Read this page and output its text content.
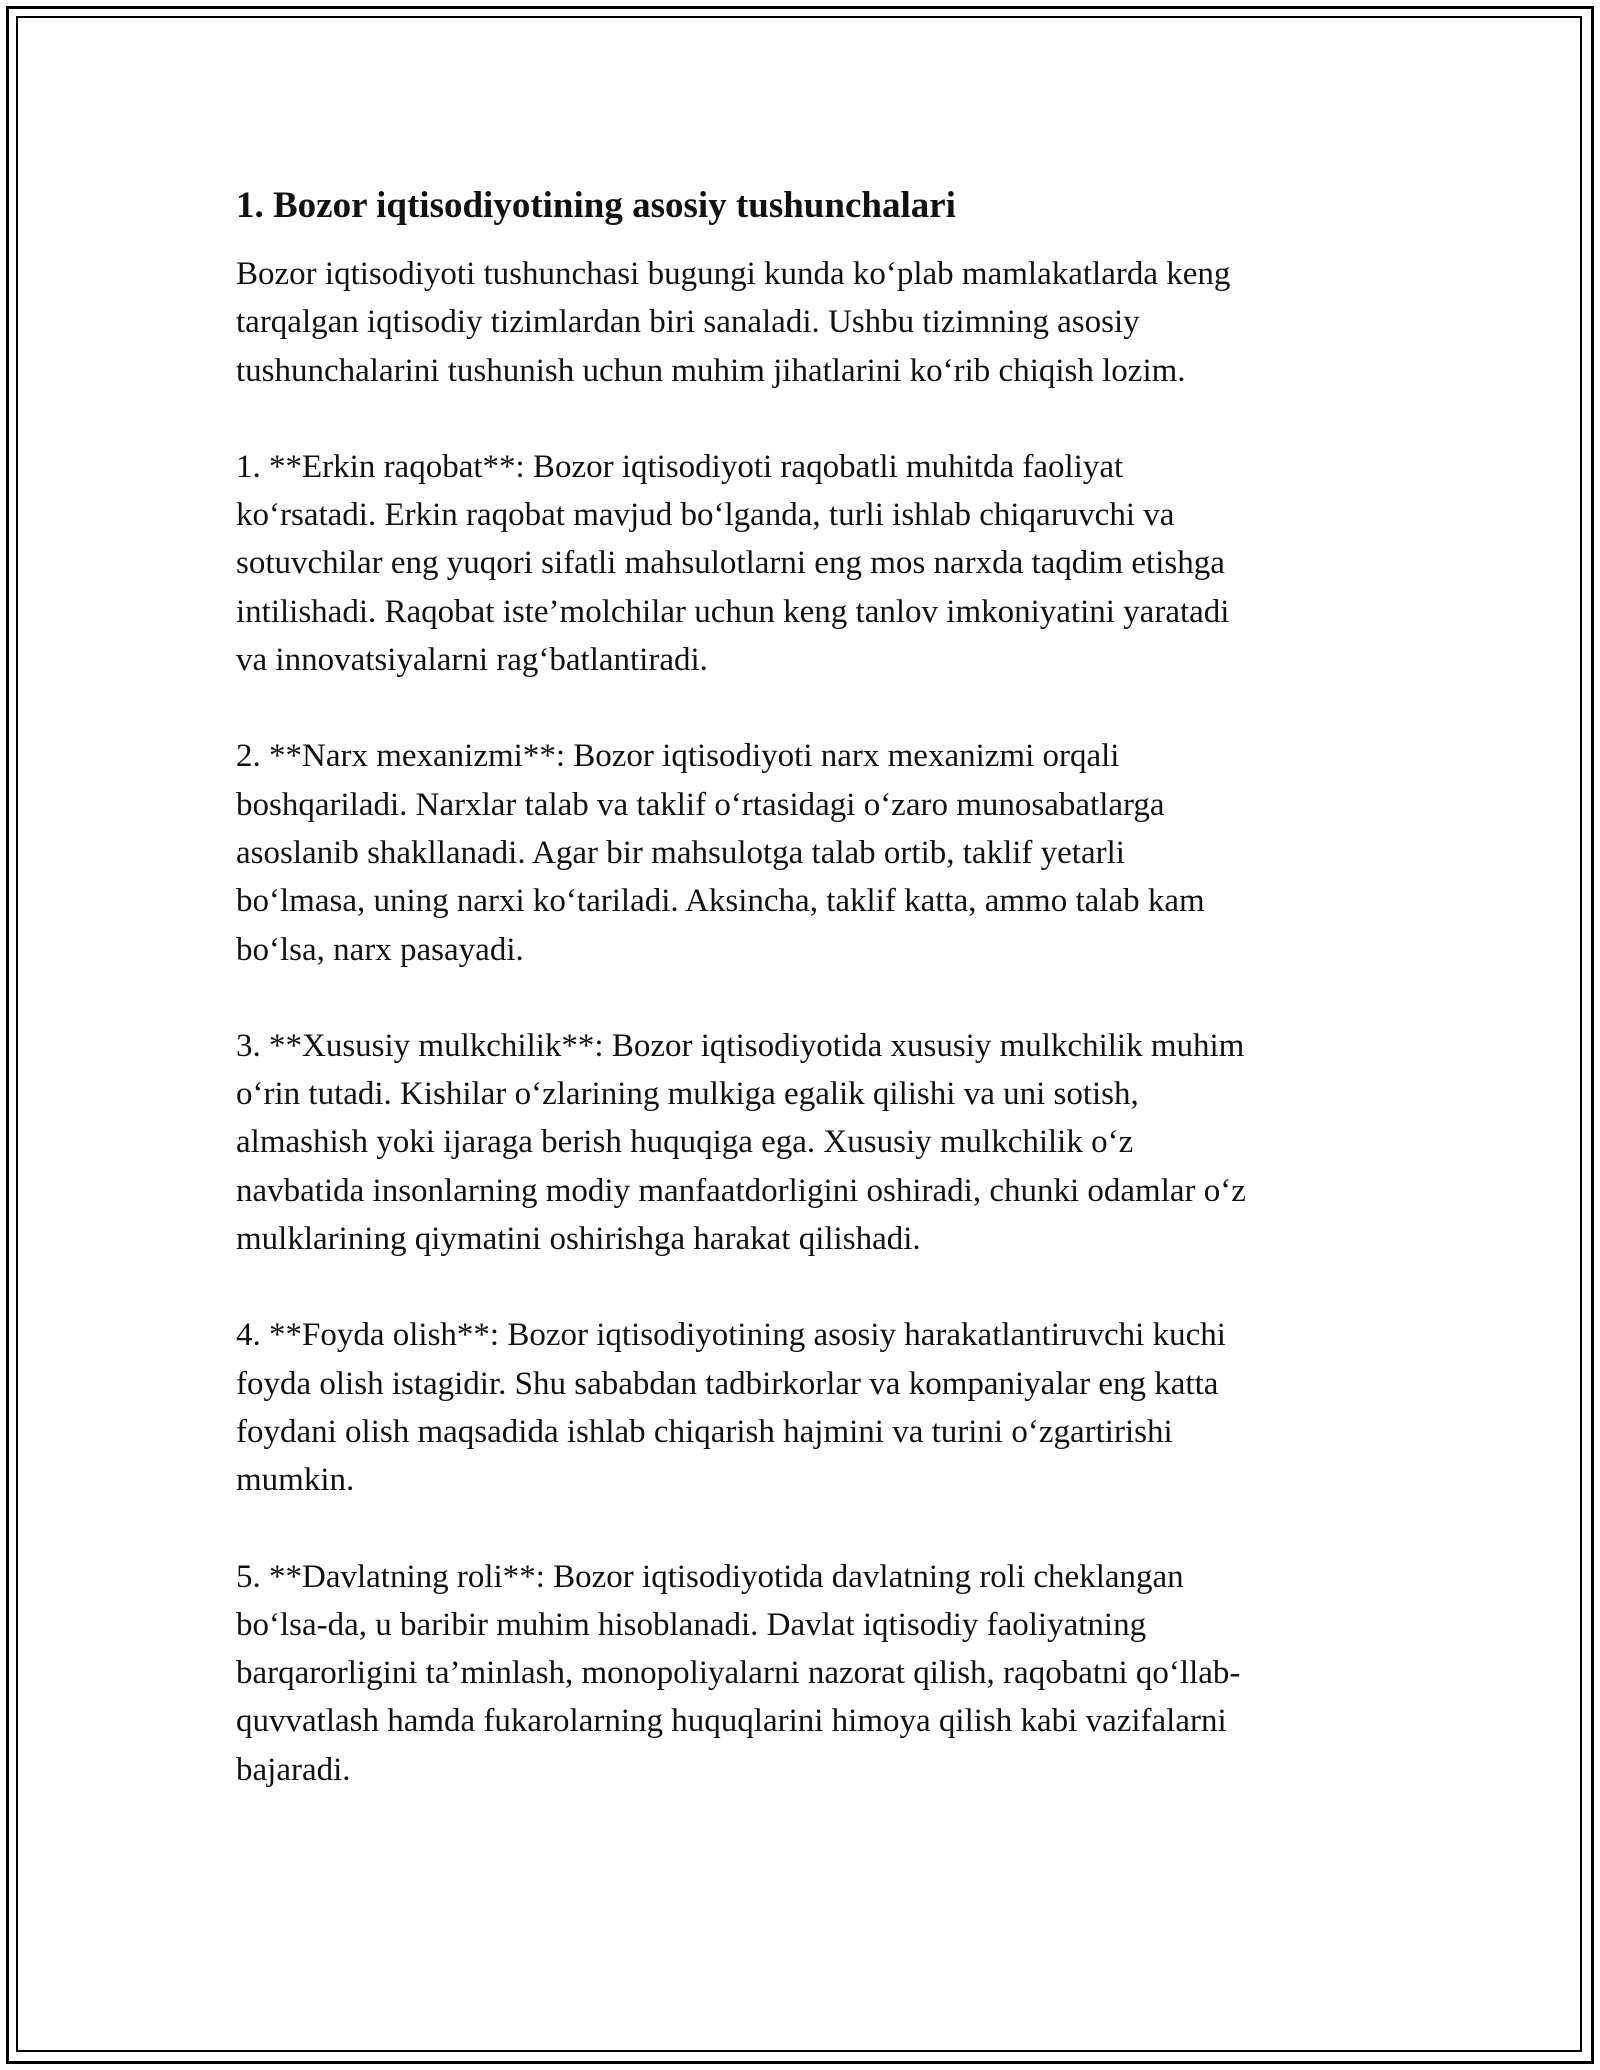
1. Bozor iqtisodiyotining asosiy tushunchalari

Bozor iqtisodiyoti tushunchasi bugungi kunda koʻplab mamlakatlarda keng
tarqalgan iqtisodiy tizimlardan biri sanaladi. Ushbu tizimning asosiy
tushunchalarini tushunish uchun muhim jihatlarini koʻrib chiqish lozim.

1. **Erkin raqobat**: Bozor iqtisodiyoti raqobatli muhitda faoliyat
koʻrsatadi. Erkin raqobat mavjud boʻlganda, turli ishlab chiqaruvchi va
sotuvchilar eng yuqori sifatli mahsulotlarni eng mos narxda taqdim etishga
intilishadi. Raqobat iste’molchilar uchun keng tanlov imkoniyatini yaratadi
va innovatsiyalarni ragʻbatlantiradi.

2. **Narx mexanizmi**: Bozor iqtisodiyoti narx mexanizmi orqali
boshqariladi. Narxlar talab va taklif oʻrtasidagi oʻzaro munosabatlarga
asoslanib shakllanadi. Agar bir mahsulotga talab ortib, taklif yetarli
boʻlmasa, uning narxi koʻtariladi. Aksincha, taklif katta, ammo talab kam
boʻlsa, narx pasayadi.

3. **Xususiy mulkchilik**: Bozor iqtisodiyotida xususiy mulkchilik muhim
oʻrin tutadi. Kishilar oʻzlarining mulkiga egalik qilishi va uni sotish,
almashish yoki ijaraga berish huquqiga ega. Xususiy mulkchilik oʻz
navbatida insonlarning modiy manfaatdorligini oshiradi, chunki odamlar oʻz
mulklarining qiymatini oshirishga harakat qilishadi.

4. **Foyda olish**: Bozor iqtisodiyotining asosiy harakatlantiruvchi kuchi
foyda olish istagidir. Shu sababdan tadbirkorlar va kompaniyalar eng katta
foydani olish maqsadida ishlab chiqarish hajmini va turini oʻzgartirishi
mumkin.

5. **Davlatning roli**: Bozor iqtisodiyotida davlatning roli cheklangan
boʻlsa-da, u baribir muhim hisoblanadi. Davlat iqtisodiy faoliyatning
barqarorligini ta’minlash, monopoliyalarni nazorat qilish, raqobatni qoʻllab-
quvvatlash hamda fukarolarning huquqlarini himoya qilish kabi vazifalarni
bajaradi.
